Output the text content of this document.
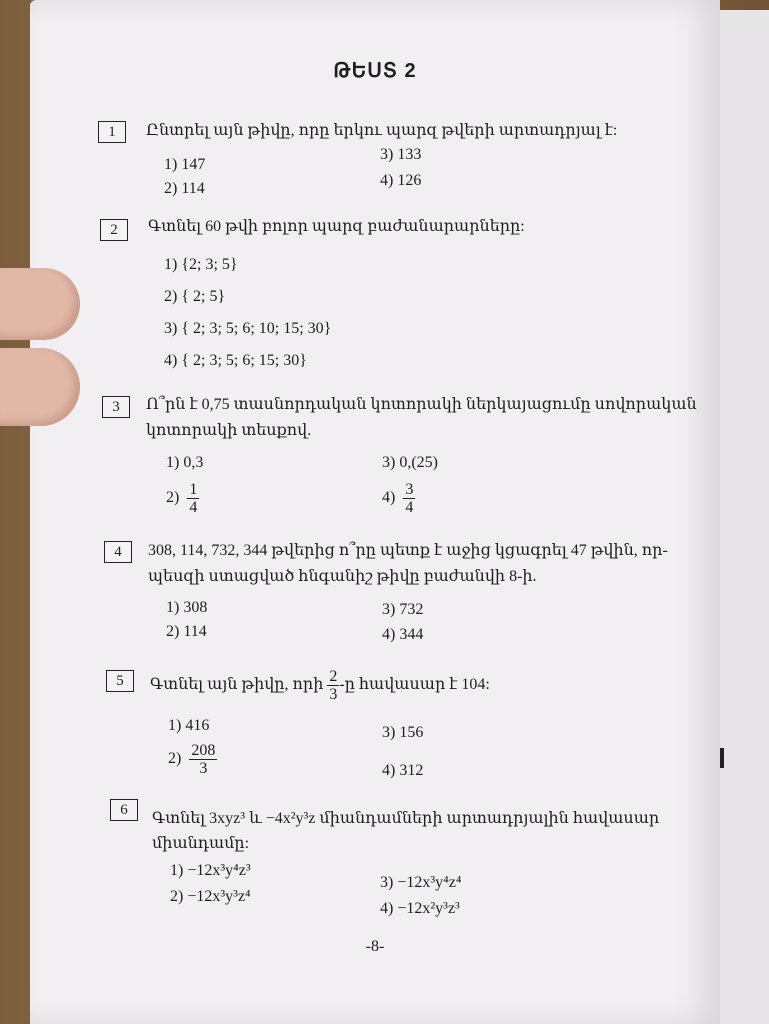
ԹԵՍՏ 2
1	Ընտրել այն թիվը, որը երկու պարզ թվերի արտադրյալ է:
1) 147
2) 114
3) 133
4) 126
2	Գտնել 60 թվի բոլոր պարզ բաժանարարները:
1) {2; 3; 5}
2) { 2; 5}
3) { 2; 3; 5; 6; 10; 15; 30}
4) { 2; 3; 5; 6; 15; 30}
3	Ո՞րն է 0,75 տասնորդական կոտորակի ներկայացումը սովորական
կոտորակի տեսքով.
1) 0,3
$2) \frac{1}{4}$
3) 0,(25)
$4) \frac{3}{4}$
4	308, 114, 732, 344 թվերից ո՞րը պետք է աջից կցագրել 47 թվին, որ-
պեսզի ստացված հնգանիշ թիվը բաժանվի 8-ի.
1) 308
2) 114
3) 732
4) 344
5	Գտնել այն թիվը, որի $\frac{2}{3}$ -ը հավասար է 104:
1) 416
$2) \frac{208}{3}$
3) 156
4) 312
6	Գտնել 3xyz³ և −4x²y³z միանդամների արտադրյալին հավասար
միանդամը:
1) −12x³y⁴z³
2) −12x³y³z⁴
3) −12x³y⁴z⁴
4) −12x²y³z³
-8-
